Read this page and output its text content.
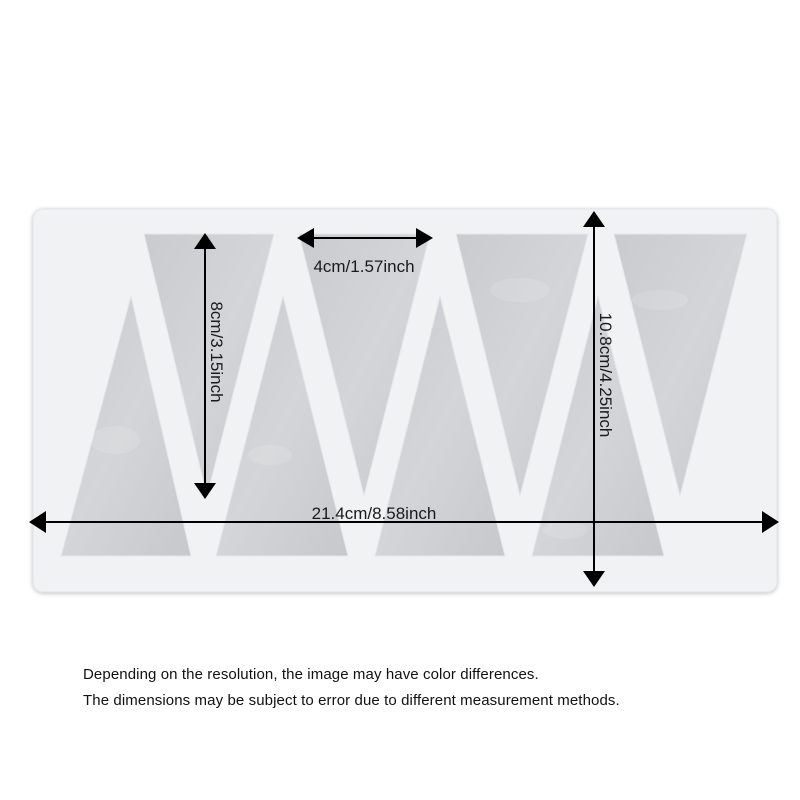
4cm/1.57inch
8cm/3.15inch
21.4cm/8.58inch
10.8cm/4.25inch
Depending on the resolution, the image may have color differences.
The dimensions may be subject to error due to different measurement methods.
